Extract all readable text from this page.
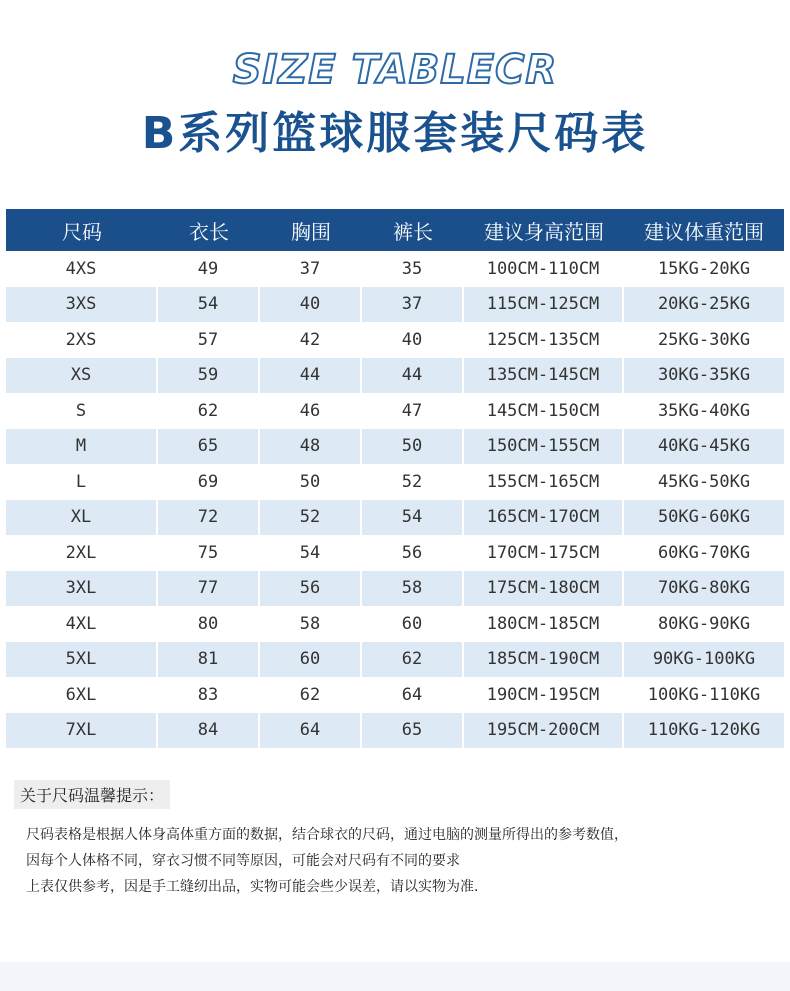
SIZE TABLECR
B系列篮球服套装尺码表
尺码	衣长	胸围	裤长	建议身高范围	建议体重范围
4XS	49	37	35	100CM-110CM	15KG-20KG
3XS	54	40	37	115CM-125CM	20KG-25KG
2XS	57	42	40	125CM-135CM	25KG-30KG
XS	59	44	44	135CM-145CM	30KG-35KG
S	62	46	47	145CM-150CM	35KG-40KG
M	65	48	50	150CM-155CM	40KG-45KG
L	69	50	52	155CM-165CM	45KG-50KG
XL	72	52	54	165CM-170CM	50KG-60KG
2XL	75	54	56	170CM-175CM	60KG-70KG
3XL	77	56	58	175CM-180CM	70KG-80KG
4XL	80	58	60	180CM-185CM	80KG-90KG
5XL	81	60	62	185CM-190CM	90KG-100KG
6XL	83	62	64	190CM-195CM	100KG-110KG
7XL	84	64	65	195CM-200CM	110KG-120KG
关于尺码温馨提示：

尺码表格是根据人体身高体重方面的数据，结合球衣的尺码，通过电脑的测量所得出的参考数值，

因每个人体格不同，穿衣习惯不同等原因，可能会对尺码有不同的要求

上表仅供参考，因是手工缝纫出品，实物可能会些少误差，请以实物为准.
